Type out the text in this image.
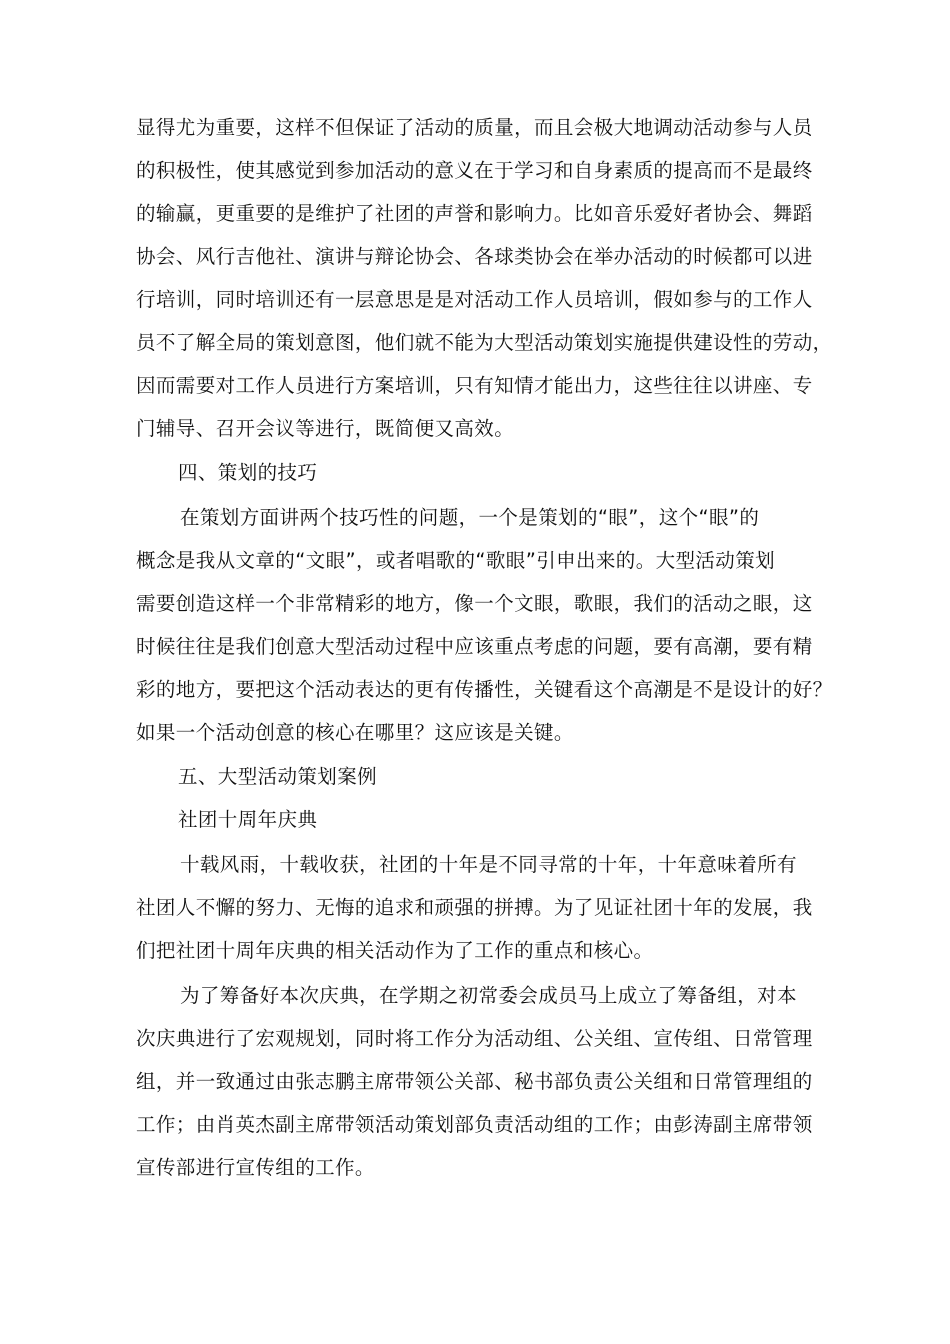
显得尤为重要，这样不但保证了活动的质量，而且会极大地调动活动参与人员
的积极性，使其感觉到参加活动的意义在于学习和自身素质的提高而不是最终
的输赢，更重要的是维护了社团的声誉和影响力。比如音乐爱好者协会、舞蹈
协会、风行吉他社、演讲与辩论协会、各球类协会在举办活动的时候都可以进
行培训，同时培训还有一层意思是是对活动工作人员培训，假如参与的工作人
员不了解全局的策划意图，他们就不能为大型活动策划实施提供建设性的劳动，
因而需要对工作人员进行方案培训，只有知情才能出力，这些往往以讲座、专
门辅导、召开会议等进行，既简便又高效。
四、策划的技巧
在策划方面讲两个技巧性的问题，一个是策划的“眼”，这个“眼”的
概念是我从文章的“文眼”，或者唱歌的“歌眼”引申出来的。大型活动策划
需要创造这样一个非常精彩的地方，像一个文眼，歌眼，我们的活动之眼，这
时候往往是我们创意大型活动过程中应该重点考虑的问题，要有高潮，要有精
彩的地方，要把这个活动表达的更有传播性，关键看这个高潮是不是设计的好？
如果一个活动创意的核心在哪里？这应该是关键。
五、大型活动策划案例
社团十周年庆典
十载风雨，十载收获，社团的十年是不同寻常的十年，十年意味着所有
社团人不懈的努力、无悔的追求和顽强的拼搏。为了见证社团十年的发展，我
们把社团十周年庆典的相关活动作为了工作的重点和核心。
为了筹备好本次庆典，在学期之初常委会成员马上成立了筹备组，对本
次庆典进行了宏观规划，同时将工作分为活动组、公关组、宣传组、日常管理
组，并一致通过由张志鹏主席带领公关部、秘书部负责公关组和日常管理组的
工作；由肖英杰副主席带领活动策划部负责活动组的工作；由彭涛副主席带领
宣传部进行宣传组的工作。
